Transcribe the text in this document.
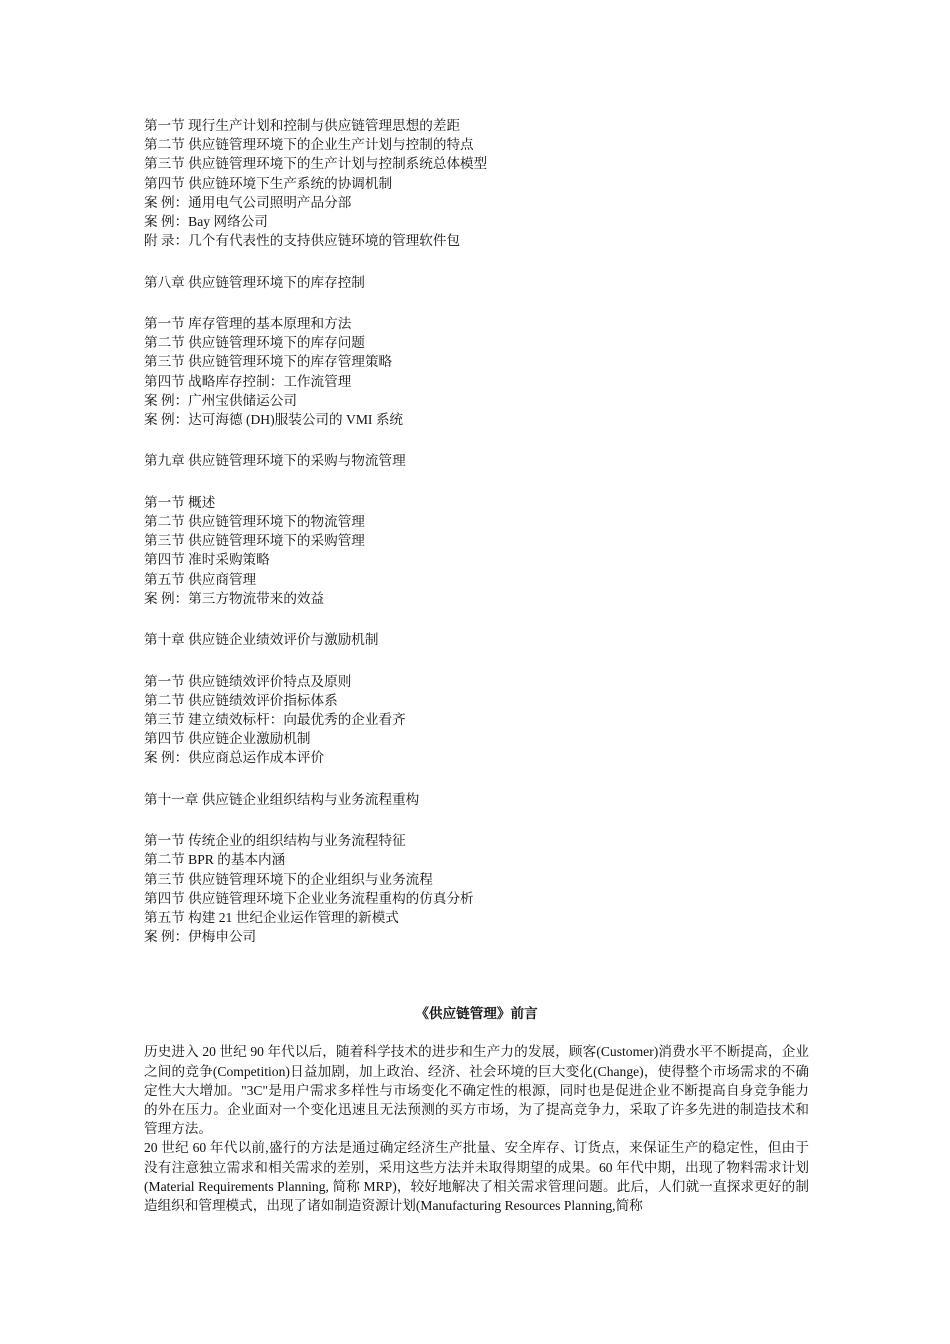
第一节 现行生产计划和控制与供应链管理思想的差距
第二节 供应链管理环境下的企业生产计划与控制的特点
第三节 供应链管理环境下的生产计划与控制系统总体模型
第四节 供应链环境下生产系统的协调机制
案 例：通用电气公司照明产品分部
案 例：Bay 网络公司
附 录：几个有代表性的支持供应链环境的管理软件包
第八章 供应链管理环境下的库存控制
第一节 库存管理的基本原理和方法
第二节 供应链管理环境下的库存问题
第三节 供应链管理环境下的库存管理策略
第四节 战略库存控制：工作流管理
案 例：广州宝供储运公司
案 例：达可海德 (DH)服装公司的 VMI 系统
第九章 供应链管理环境下的采购与物流管理
第一节 概述
第二节 供应链管理环境下的物流管理
第三节 供应链管理环境下的采购管理
第四节 准时采购策略
第五节 供应商管理
案 例：第三方物流带来的效益
第十章 供应链企业绩效评价与激励机制
第一节 供应链绩效评价特点及原则
第二节 供应链绩效评价指标体系
第三节 建立绩效标杆：向最优秀的企业看齐
第四节 供应链企业激励机制
案 例：供应商总运作成本评价
第十一章 供应链企业组织结构与业务流程重构
第一节 传统企业的组织结构与业务流程特征
第二节 BPR 的基本内涵
第三节 供应链管理环境下的企业组织与业务流程
第四节 供应链管理环境下企业业务流程重构的仿真分析
第五节 构建 21 世纪企业运作管理的新模式
案 例：伊梅申公司
《供应链管理》前言
历史进入 20 世纪 90 年代以后，随着科学技术的进步和生产力的发展，顾客(Customer)消费水平不断提高，企业之间的竞争(Competition)日益加剧，加上政治、经济、社会环境的巨大变化(Change)，使得整个市场需求的不确定性大大增加。"3C"是用户需求多样性与市场变化不确定性的根源，同时也是促进企业不断提高自身竞争能力的外在压力。企业面对一个变化迅速且无法预测的买方市场，为了提高竞争力，采取了许多先进的制造技术和管理方法。
20 世纪 60 年代以前,盛行的方法是通过确定经济生产批量、安全库存、订货点，来保证生产的稳定性，但由于没有注意独立需求和相关需求的差别，采用这些方法并未取得期望的成果。60 年代中期，出现了物料需求计划(Material Requirements Planning, 简称 MRP)，较好地解决了相关需求管理问题。此后，人们就一直探求更好的制造组织和管理模式，出现了诸如制造资源计划(Manufacturing Resources Planning,简称
